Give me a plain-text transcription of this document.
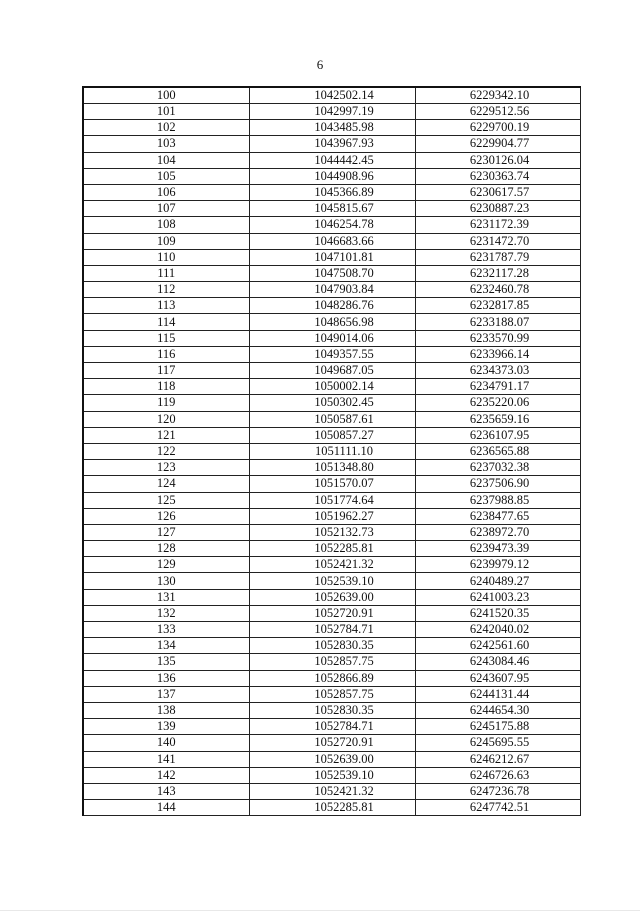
6
100	1042502.14	6229342.10
101	1042997.19	6229512.56
102	1043485.98	6229700.19
103	1043967.93	6229904.77
104	1044442.45	6230126.04
105	1044908.96	6230363.74
106	1045366.89	6230617.57
107	1045815.67	6230887.23
108	1046254.78	6231172.39
109	1046683.66	6231472.70
110	1047101.81	6231787.79
111	1047508.70	6232117.28
112	1047903.84	6232460.78
113	1048286.76	6232817.85
114	1048656.98	6233188.07
115	1049014.06	6233570.99
116	1049357.55	6233966.14
117	1049687.05	6234373.03
118	1050002.14	6234791.17
119	1050302.45	6235220.06
120	1050587.61	6235659.16
121	1050857.27	6236107.95
122	1051111.10	6236565.88
123	1051348.80	6237032.38
124	1051570.07	6237506.90
125	1051774.64	6237988.85
126	1051962.27	6238477.65
127	1052132.73	6238972.70
128	1052285.81	6239473.39
129	1052421.32	6239979.12
130	1052539.10	6240489.27
131	1052639.00	6241003.23
132	1052720.91	6241520.35
133	1052784.71	6242040.02
134	1052830.35	6242561.60
135	1052857.75	6243084.46
136	1052866.89	6243607.95
137	1052857.75	6244131.44
138	1052830.35	6244654.30
139	1052784.71	6245175.88
140	1052720.91	6245695.55
141	1052639.00	6246212.67
142	1052539.10	6246726.63
143	1052421.32	6247236.78
144	1052285.81	6247742.51
